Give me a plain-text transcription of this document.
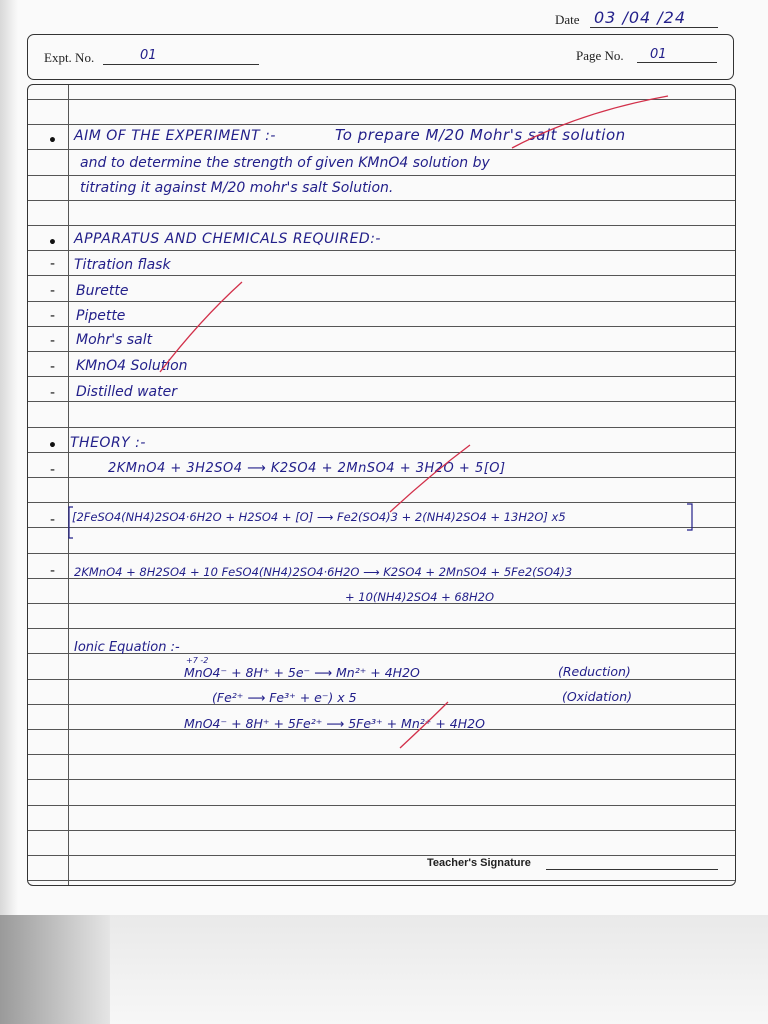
Date 03 /04 /24
Expt. No.	01	Page No. 01
• AIM OF THE EXPERIMENT :-	To prepare M/20 Mohr's salt solution
and to determine the strength of given KMnO4 solution by
titrating it against M/20 mohr's salt Solution.
• APPARATUS AND CHEMICALS REQUIRED:-
- Titration flask
- Burette
- Pipette
- Mohr's salt
- KMnO4 Solution
- Distilled water
• THEORY :-
-	2KMnO4 + 3H2SO4 ⟶ K2SO4 + 2MnSO4 + 3H2O + 5[O]
- [2FeSO4(NH4)2SO4·6H2O + H2SO4 + [O] ⟶ Fe2(SO4)3 + 2(NH4)2SO4 + 13H2O] x5
- 2KMnO4 + 8H2SO4 + 10 FeSO4(NH4)2SO4·6H2O ⟶ K2SO4 + 2MnSO4 + 5Fe2(SO4)3
+ 10(NH4)2SO4 + 68H2O
Ionic Equation :-
+7 -2
MnO4⁻ + 8H⁺ + 5e⁻ ⟶ Mn²⁺ + 4H2O	(Reduction)
(Fe²⁺ ⟶ Fe³⁺ + e⁻) x 5	(Oxidation)
MnO4⁻ + 8H⁺ + 5Fe²⁺ ⟶ 5Fe³⁺ + Mn²⁺ + 4H2O
Teacher's Signature
